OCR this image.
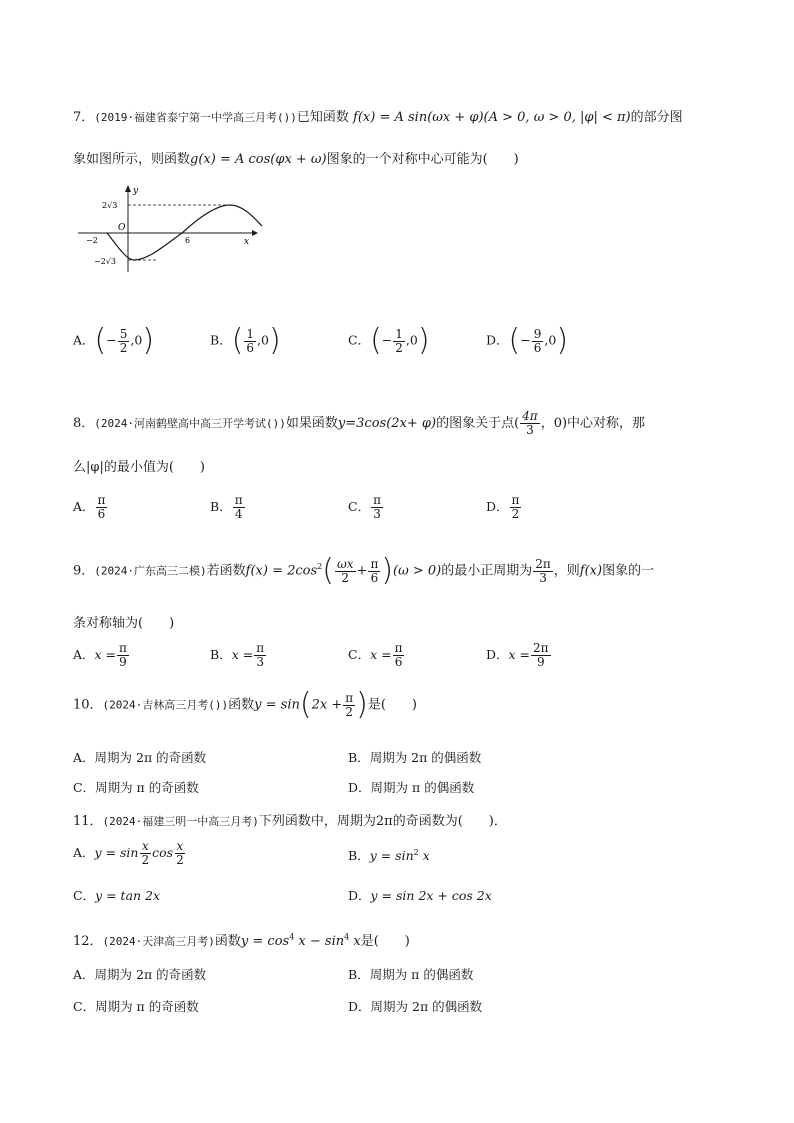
7．(2019·福建省泰宁第一中学高三月考())已知函数 f(x) = A sin(ωx + φ)(A > 0, ω > 0, |φ| < π)的部分图
象如图所示，则函数g(x) = A cos(φx + ω)图象的一个对称中心可能为(　　)
y
x
O
2√3
−2√3
−2	6
A．(− $\frac{5}{2} ,0$)	B．( $\frac{1}{6} ,0$)	C．(− $\frac{1}{2} ,0$)	D．(− $\frac{9}{6} ,0$)
8．(2024·河南鹤壁高中高三开学考试())如果函数y=3cos(2x+ φ)的图象关于点( $\frac{4\pi}{3}$ ，0)中心对称，那
么|φ|的最小值为(　　)
A． $\frac{\pi}{6}$	B． $\frac{\pi}{4}$	C． $\frac{\pi}{3}$	D． $\frac{\pi}{2}$
9．(2024·广东高三二模)若函数$f(x) = 2\cos^2( \frac{\omega x}{2} + \frac{\pi}{6} )(\omega > 0)$的最小正周期为 $\frac{2\pi}{3}$ ，则f(x)图象的一
条对称轴为(　　)
A．$x = \frac{\pi}{9}$	B．$x = \frac{\pi}{3}$	C．$x = \frac{\pi}{6}$	D．$x = \frac{2\pi}{9}$
10．(2024·吉林高三月考())函数$y = \sin(2x + \frac{\pi}{2}$ )是(　　)
A．周期为 2π 的奇函数	B．周期为 2π 的偶函数
C．周期为 π 的奇函数	D．周期为 π 的偶函数
11．(2024·福建三明一中高三月考)下列函数中，周期为2π的奇函数为(　　)．
A．$y = \sin \frac{x}{2}$ $\cos \frac{x}{2}$	B．$y = \sin^2 x$
C．y = tan 2x	D．y = sin 2x + cos 2x
12．(2024·天津高三月考)函数$y = \cos^4 x - \sin^4 x$是(　　)
A．周期为 2π 的奇函数	B．周期为 π 的偶函数
C．周期为 π 的奇函数	D．周期为 2π 的偶函数
